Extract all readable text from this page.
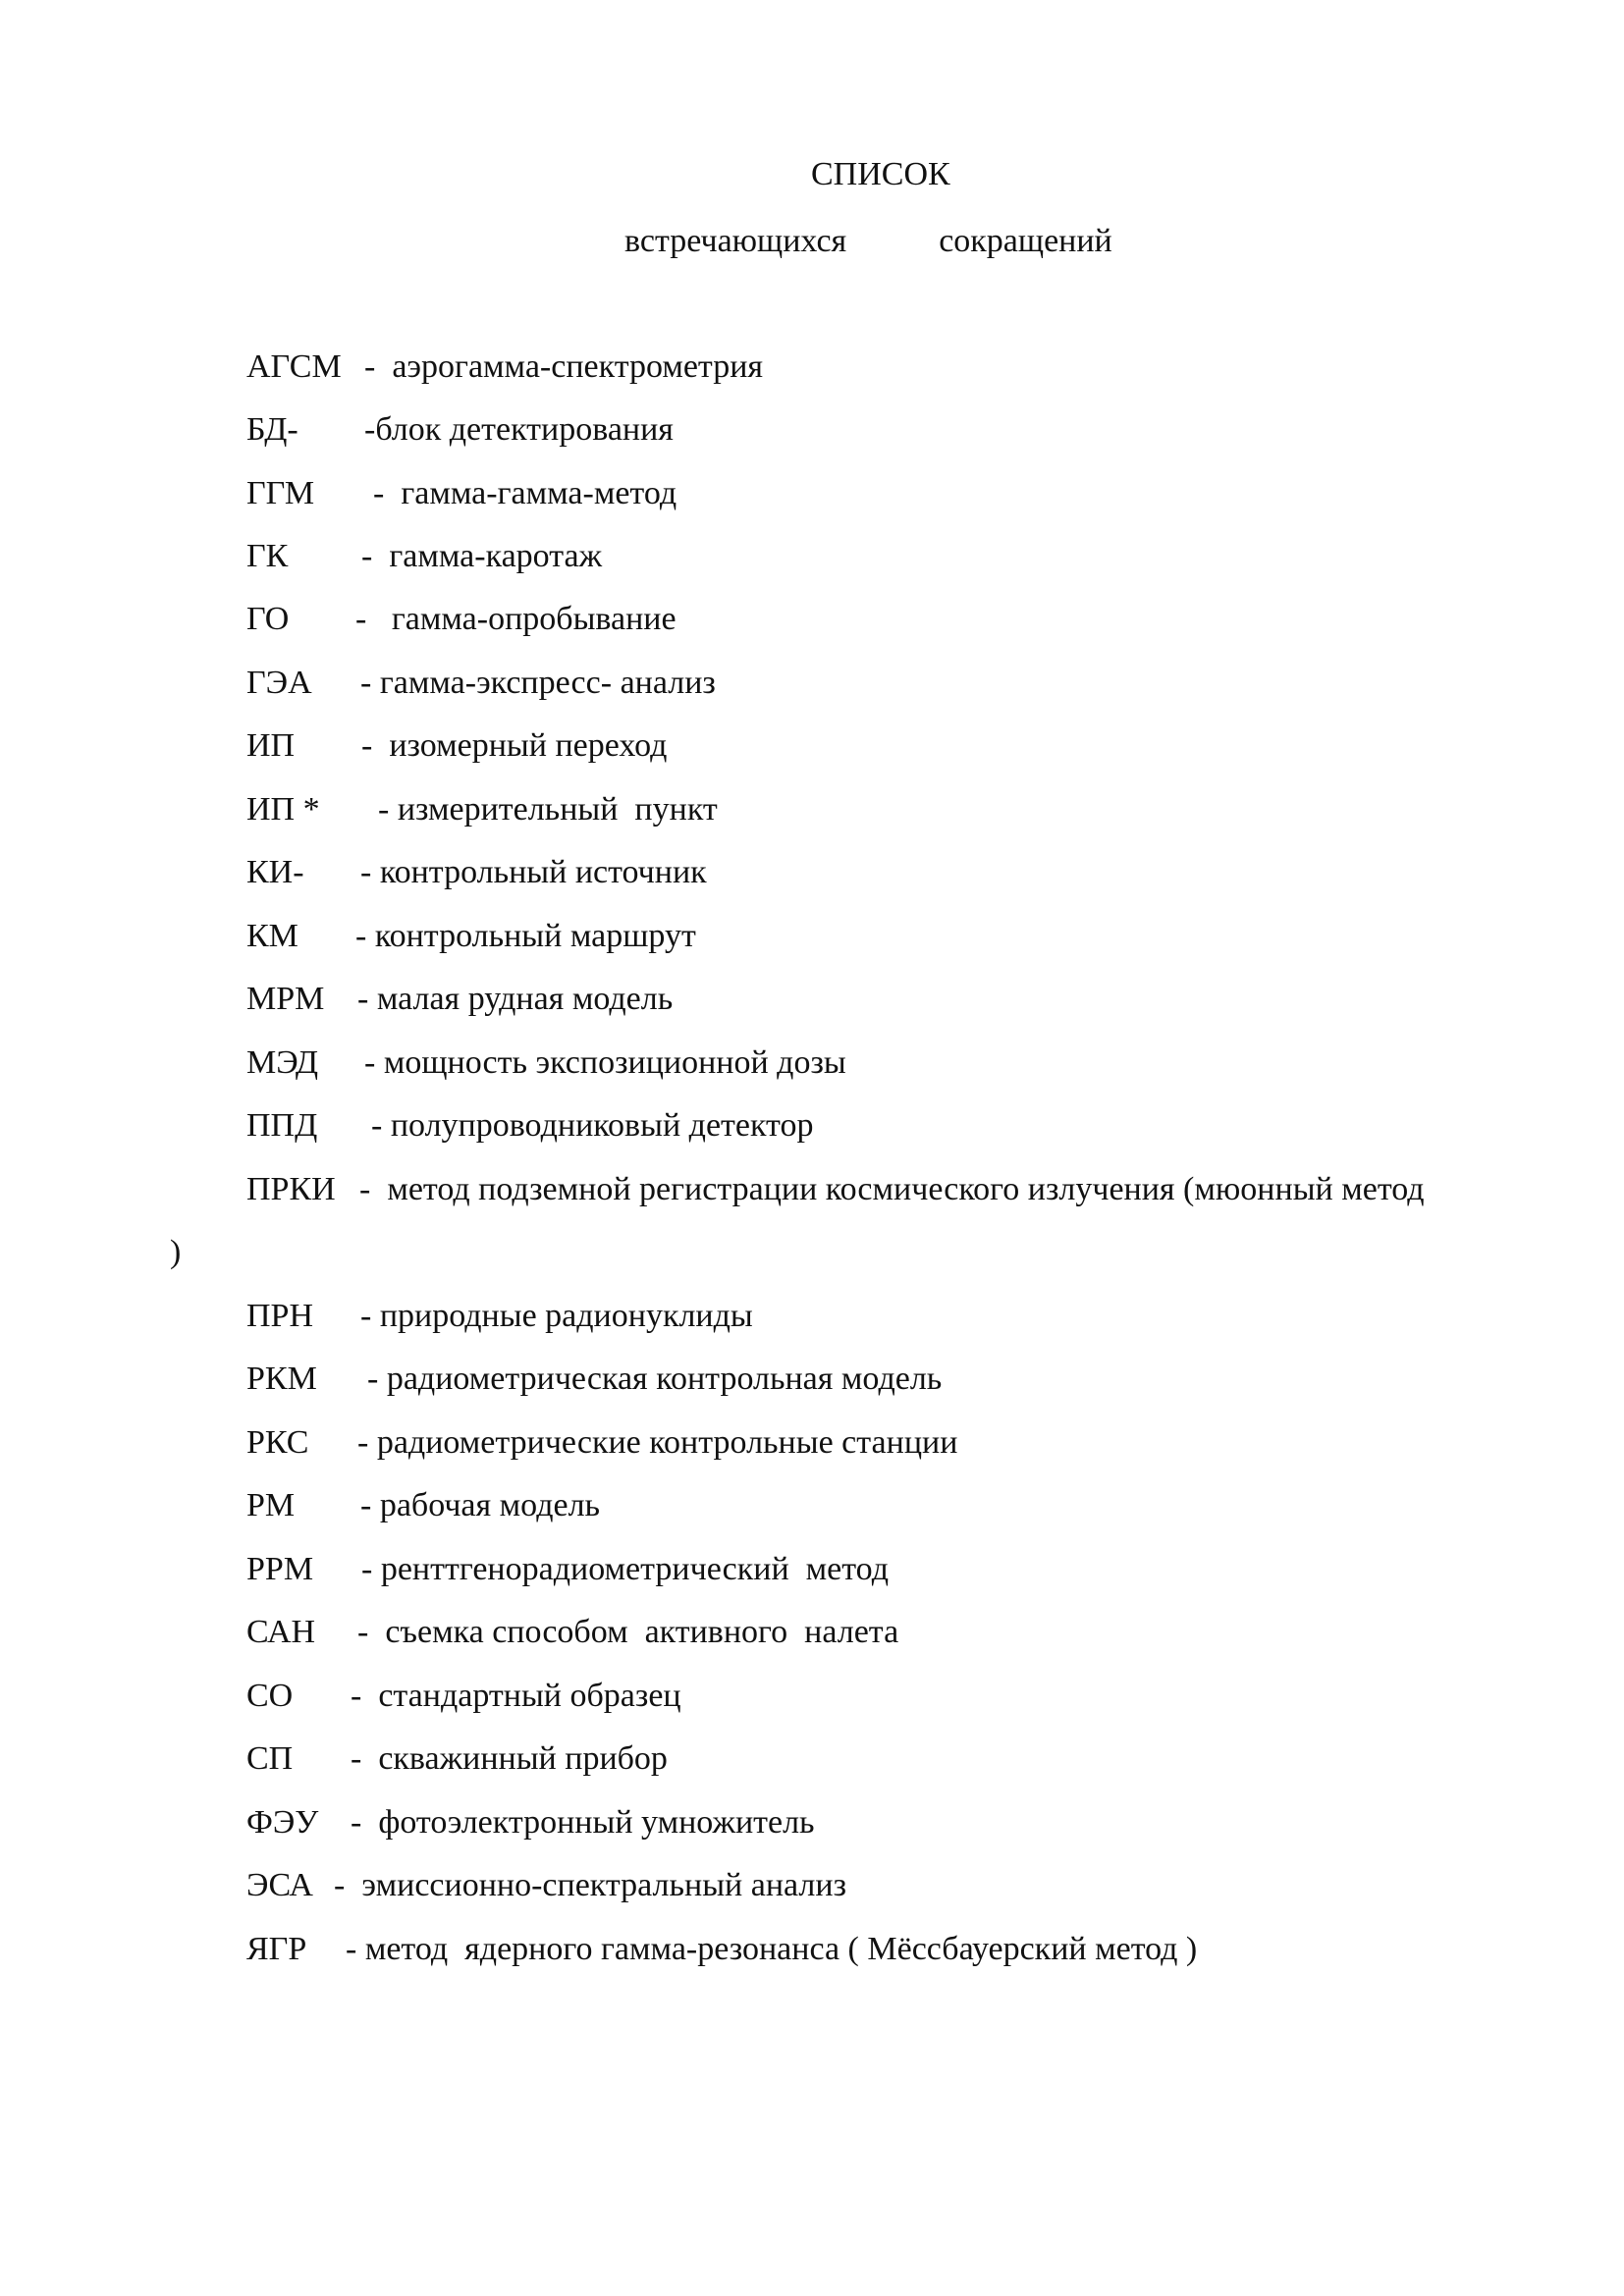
СПИСОК
встречающихся	сокращений

АГСМ

-  аэрогамма-спектрометрия

БД-

-блок детектирования

ГГМ

-  гамма-гамма-метод

ГК

-  гамма-каротаж

ГО

-   гамма-опробывание

ГЭА

- гамма-экспресс- анализ

ИП

-  изомерный переход

ИП *

- измерительный  пункт

КИ-

- контрольный источник

КМ

- контрольный маршрут

МРМ

- малая рудная модель

МЭД

- мощность экспозиционной дозы

ППД

- полупроводниковый детектор

ПРКИ

-  метод подземной регистрации космического излучения (мюонный метод

)

ПРН

- природные радионуклиды

РКМ

- радиометрическая контрольная модель

РКС

- радиометрические контрольные станции

РМ

- рабочая модель

РРМ

- ренттгенорадиометрический  метод

САН

-  съемка способом  активного  налета

СО

-  стандартный образец

СП

-  скважинный прибор

ФЭУ

-  фотоэлектронный умножитель

ЭСА

-  эмиссионно-спектральный анализ

ЯГР

- метод  ядерного гамма-резонанса ( Мёссбауерский метод )
